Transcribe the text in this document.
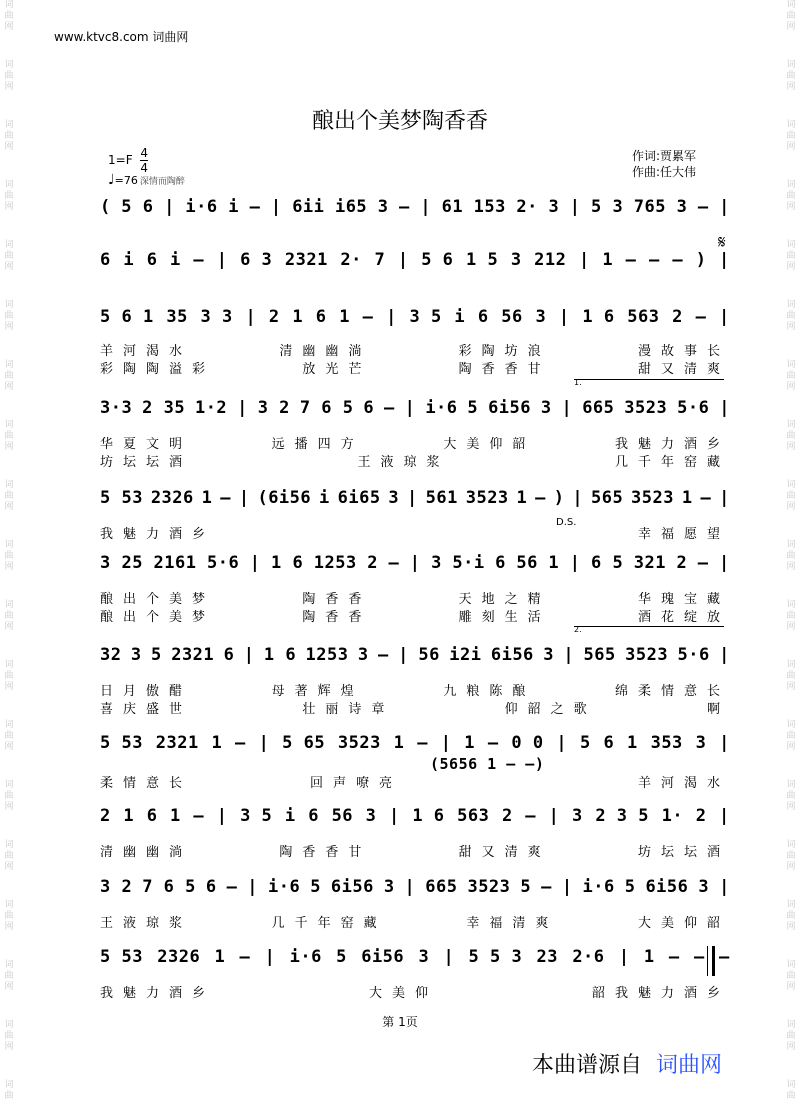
词
曲
网
词
曲
网
词
曲
网
词
曲
网
词
曲
网
词
曲
网
词
曲
网
词
曲
网
词
曲
网
词
曲
网
词
曲
网
词
曲
网
词
曲
网
词
曲
网
词
曲
网
词
曲
网
词
曲
网
词
曲
网
词
曲
词
曲
网
词
曲
网
词
曲
网
词
曲
网
词
曲
网
词
曲
网
词
曲
网
词
曲
网
词
曲
网
词
曲
网
词
曲
网
词
曲
网
词
曲
网
词
曲
网
词
曲
网
词
曲
网
词
曲
网
词
曲
网
词
曲
www.ktvc8.com 词曲网
酿出个美梦陶香香
$1=F \frac{4}{4}$
♩=76 深情而陶醉
作词:贾累军
作曲:任大伟
( 5 6 | i·6 i – | 6ii i65 3 – | 61 153 2· 3 | 5 3 765 3 – |
6 i 6 i – | 6 3 2321 2· 7 | 5 6 1 5 3 212 | 1 – – – ) |
𝄋
5 6 1 35 3 3 | 2 1 6 1 – | 3 5 i 6 56 3 | 1 6 563 2 – |
3·3 2 35 1·2 | 3 2 7 6 5 6 – | i·6 5 6i56 3 | 665 3523 5·6 |
5 53 2326 1 – | (6i56 i 6i65 3 | 561 3523 1 – ) | 565 3523 1 – |
3 25 2161 5·6 | 1 6 1253 2 – | 3 5·i 6 56 1 | 6 5 321 2 – |
32 3 5 2321 6 | 1 6 1253 3 – | 56 i2i 6i56 3 | 565 3523 5·6 |
5 53 2321 1 – | 5 65 3523 1 – | 1 – 0 0 | 5 6 1 353 3 |
(5656 1 – –)
2 1 6 1 – | 3 5 i 6 56 3 | 1 6 563 2 – | 3 2 3 5 1· 2 |
3 2 7 6 5 6 – | i·6 5 6i56 3 | 665 3523 5 – | i·6 5 6i56 3 |
5 53 2326 1 – | i·6 5 6i56 3 | 5 5 3 23 2·6 | 1 – – –
羊河渴水	清幽幽淌	彩陶坊浪	漫故事长
彩陶陶溢彩	放光芒	陶香香甘	甜又清爽
华夏文明	远播四方	大美仰韶	我魅力酒乡
坊坛坛酒	王液琼浆	几千年窑藏
我魅力酒乡	幸福愿望
酿出个美梦	陶香香	天地之精	华瑰宝藏
酿出个美梦	陶香香	雕刻生活	酒花绽放
日月傲醋	母著辉煌	九粮陈酿	绵柔情意长
喜庆盛世	壮丽诗章	仰韶之歌	啊
柔情意长	回声嘹亮	羊河渴水
清幽幽淌	陶香香甘	甜又清爽	坊坛坛酒
王液琼浆	几千年窑藏	幸福清爽	大美仰韶
我魅力酒乡	大美仰	韶我魅力酒乡
1.
2.
D.S.
第 1页
本曲谱源自 词曲网
